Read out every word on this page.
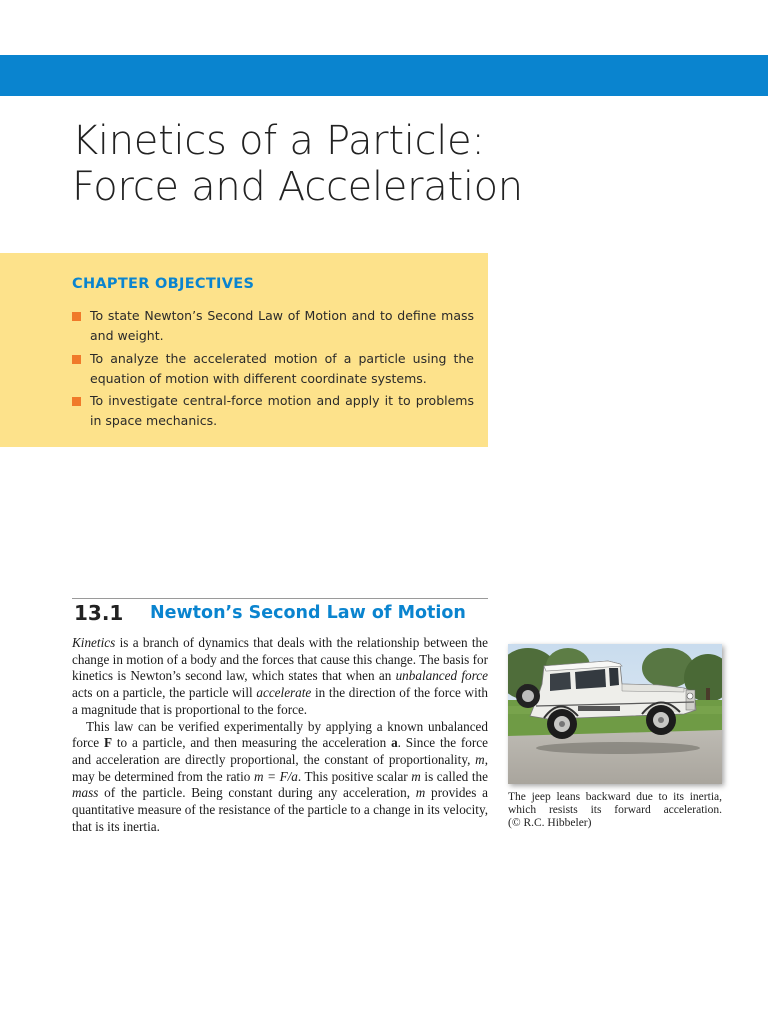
Kinetics of a Particle:
Force and Acceleration
CHAPTER OBJECTIVES
To state Newton’s Second Law of Motion and to define mass and weight.
To analyze the accelerated motion of a particle using the equation of motion with different coordinate systems.
To investigate central-force motion and apply it to problems in space mechanics.
13.1 Newton’s Second Law of Motion

Kinetics is a branch of dynamics that deals with the relationship between the change in motion of a body and the forces that cause this change. The basis for kinetics is Newton’s second law, which states that when an unbalanced force acts on a particle, the particle will accelerate in the direction of the force with a magnitude that is proportional to the force.

This law can be verified experimentally by applying a known unbalanced force F to a particle, and then measuring the acceleration a. Since the force and acceleration are directly proportional, the constant of proportionality, m, may be determined from the ratio m = F/a. This positive scalar m is called the mass of the particle. Being constant during any acceleration, m provides a quantitative measure of the resistance of the particle to a change in its velocity, that is its inertia.

The jeep leans backward due to its inertia,

which resists its forward acceleration.

(© R.C. Hibbeler)
